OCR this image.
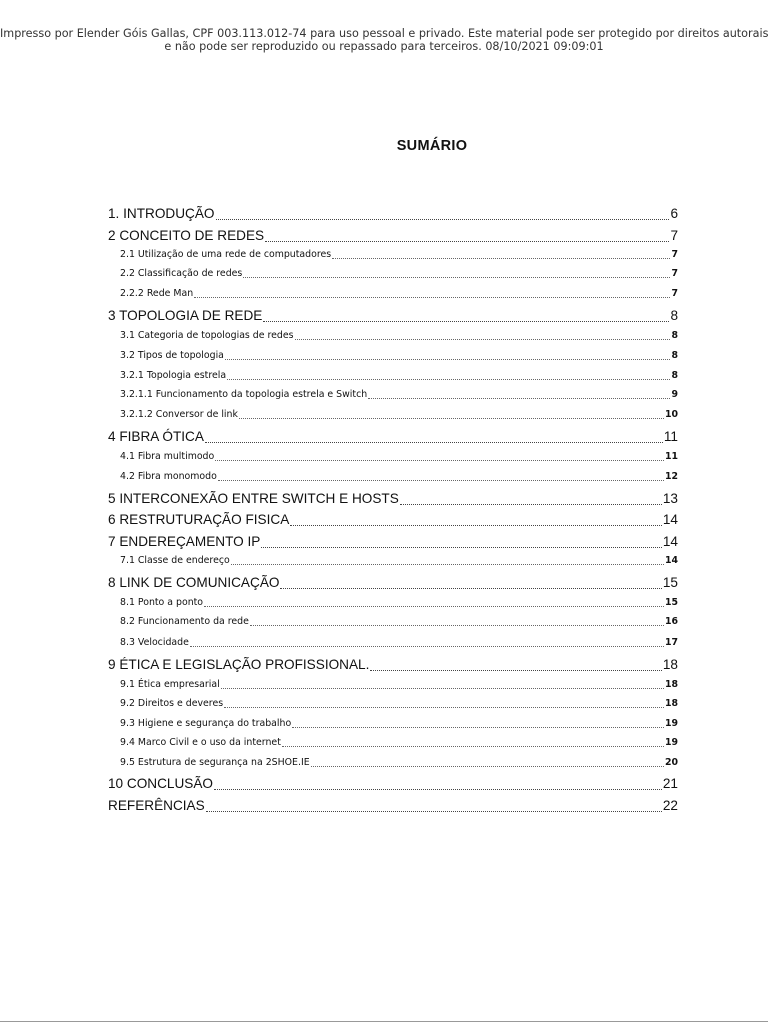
Impresso por Elender Góis Gallas, CPF 003.113.012-74 para uso pessoal e privado. Este material pode ser protegido por direitos autorais
e não pode ser reproduzido ou repassado para terceiros. 08/10/2021 09:09:01
SUMÁRIO
1. INTRODUÇÃO	6
2 CONCEITO DE REDES	7
2.1 Utilização de uma rede de computadores	7
2.2 Classificação de redes	7
2.2.2 Rede Man	7
3 TOPOLOGIA DE REDE	8
3.1 Categoria de topologias de redes	8
3.2 Tipos de topologia	8
3.2.1 Topologia estrela	8
3.2.1.1 Funcionamento da topologia estrela e Switch	9
3.2.1.2 Conversor de link	10
4 FIBRA ÓTICA	11
4.1 Fibra multimodo	11
4.2 Fibra monomodo	12
5 INTERCONEXÃO ENTRE SWITCH E HOSTS	13
6 RESTRUTURAÇÃO FISICA	14
7 ENDEREÇAMENTO IP	14
7.1 Classe de endereço	14
8 LINK DE COMUNICAÇÃO	15
8.1 Ponto a ponto	15
8.2 Funcionamento da rede	16
8.3 Velocidade	17
9 ÉTICA E LEGISLAÇÃO PROFISSIONAL.	18
9.1 Ética empresarial	18
9.2 Direitos e deveres	18
9.3 Higiene e segurança do trabalho	19
9.4 Marco Civil e o uso da internet	19
9.5 Estrutura de segurança na 2SHOE.IE	20
10 CONCLUSÃO	21
REFERÊNCIAS	22
